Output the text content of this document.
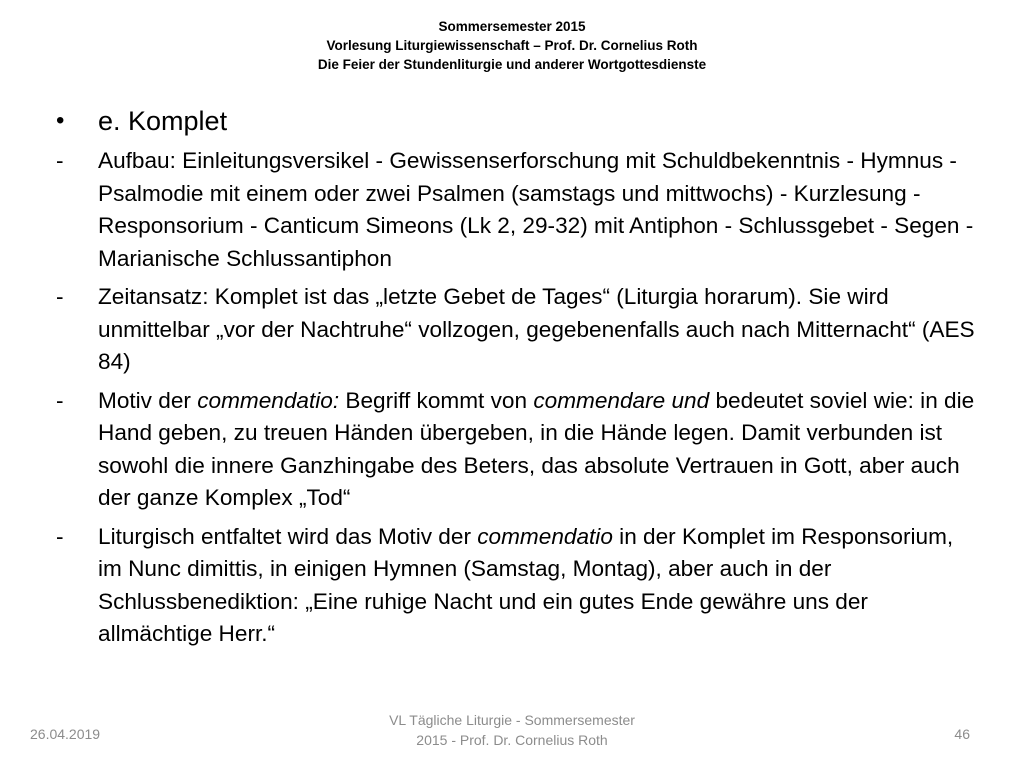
Sommersemester 2015
Vorlesung Liturgiewissenschaft – Prof. Dr. Cornelius Roth
Die Feier der Stundenliturgie und anderer Wortgottesdienste
•	e. Komplet
-	Aufbau: Einleitungsversikel - Gewissenserforschung mit Schuldbekenntnis - Hymnus - Psalmodie mit einem oder zwei Psalmen (samstags und mittwochs) - Kurzlesung - Responsorium - Canticum Simeons (Lk 2, 29-32) mit Antiphon - Schlussgebet - Segen - Marianische Schlussantiphon
-	Zeitansatz: Komplet ist das „letzte Gebet de Tages“ (Liturgia horarum). Sie wird unmittelbar „vor der Nachtruhe“ vollzogen, gegebenenfalls auch nach Mitternacht“ (AES 84)
-	Motiv der commendatio: Begriff kommt von commendare und bedeutet soviel wie: in die Hand geben, zu treuen Händen übergeben, in die Hände legen. Damit verbunden ist sowohl die innere Ganzhingabe des Beters, das absolute Vertrauen in Gott, aber auch der ganze Komplex „Tod“
-	Liturgisch entfaltet wird das Motiv der commendatio in der Komplet im Responsorium, im Nunc dimittis, in einigen Hymnen (Samstag, Montag), aber auch in der Schlussbenediktion: „Eine ruhige Nacht und ein gutes Ende gewähre uns der allmächtige Herr.“
26.04.2019
VL Tägliche Liturgie - Sommersemester
2015 - Prof. Dr. Cornelius Roth	46
